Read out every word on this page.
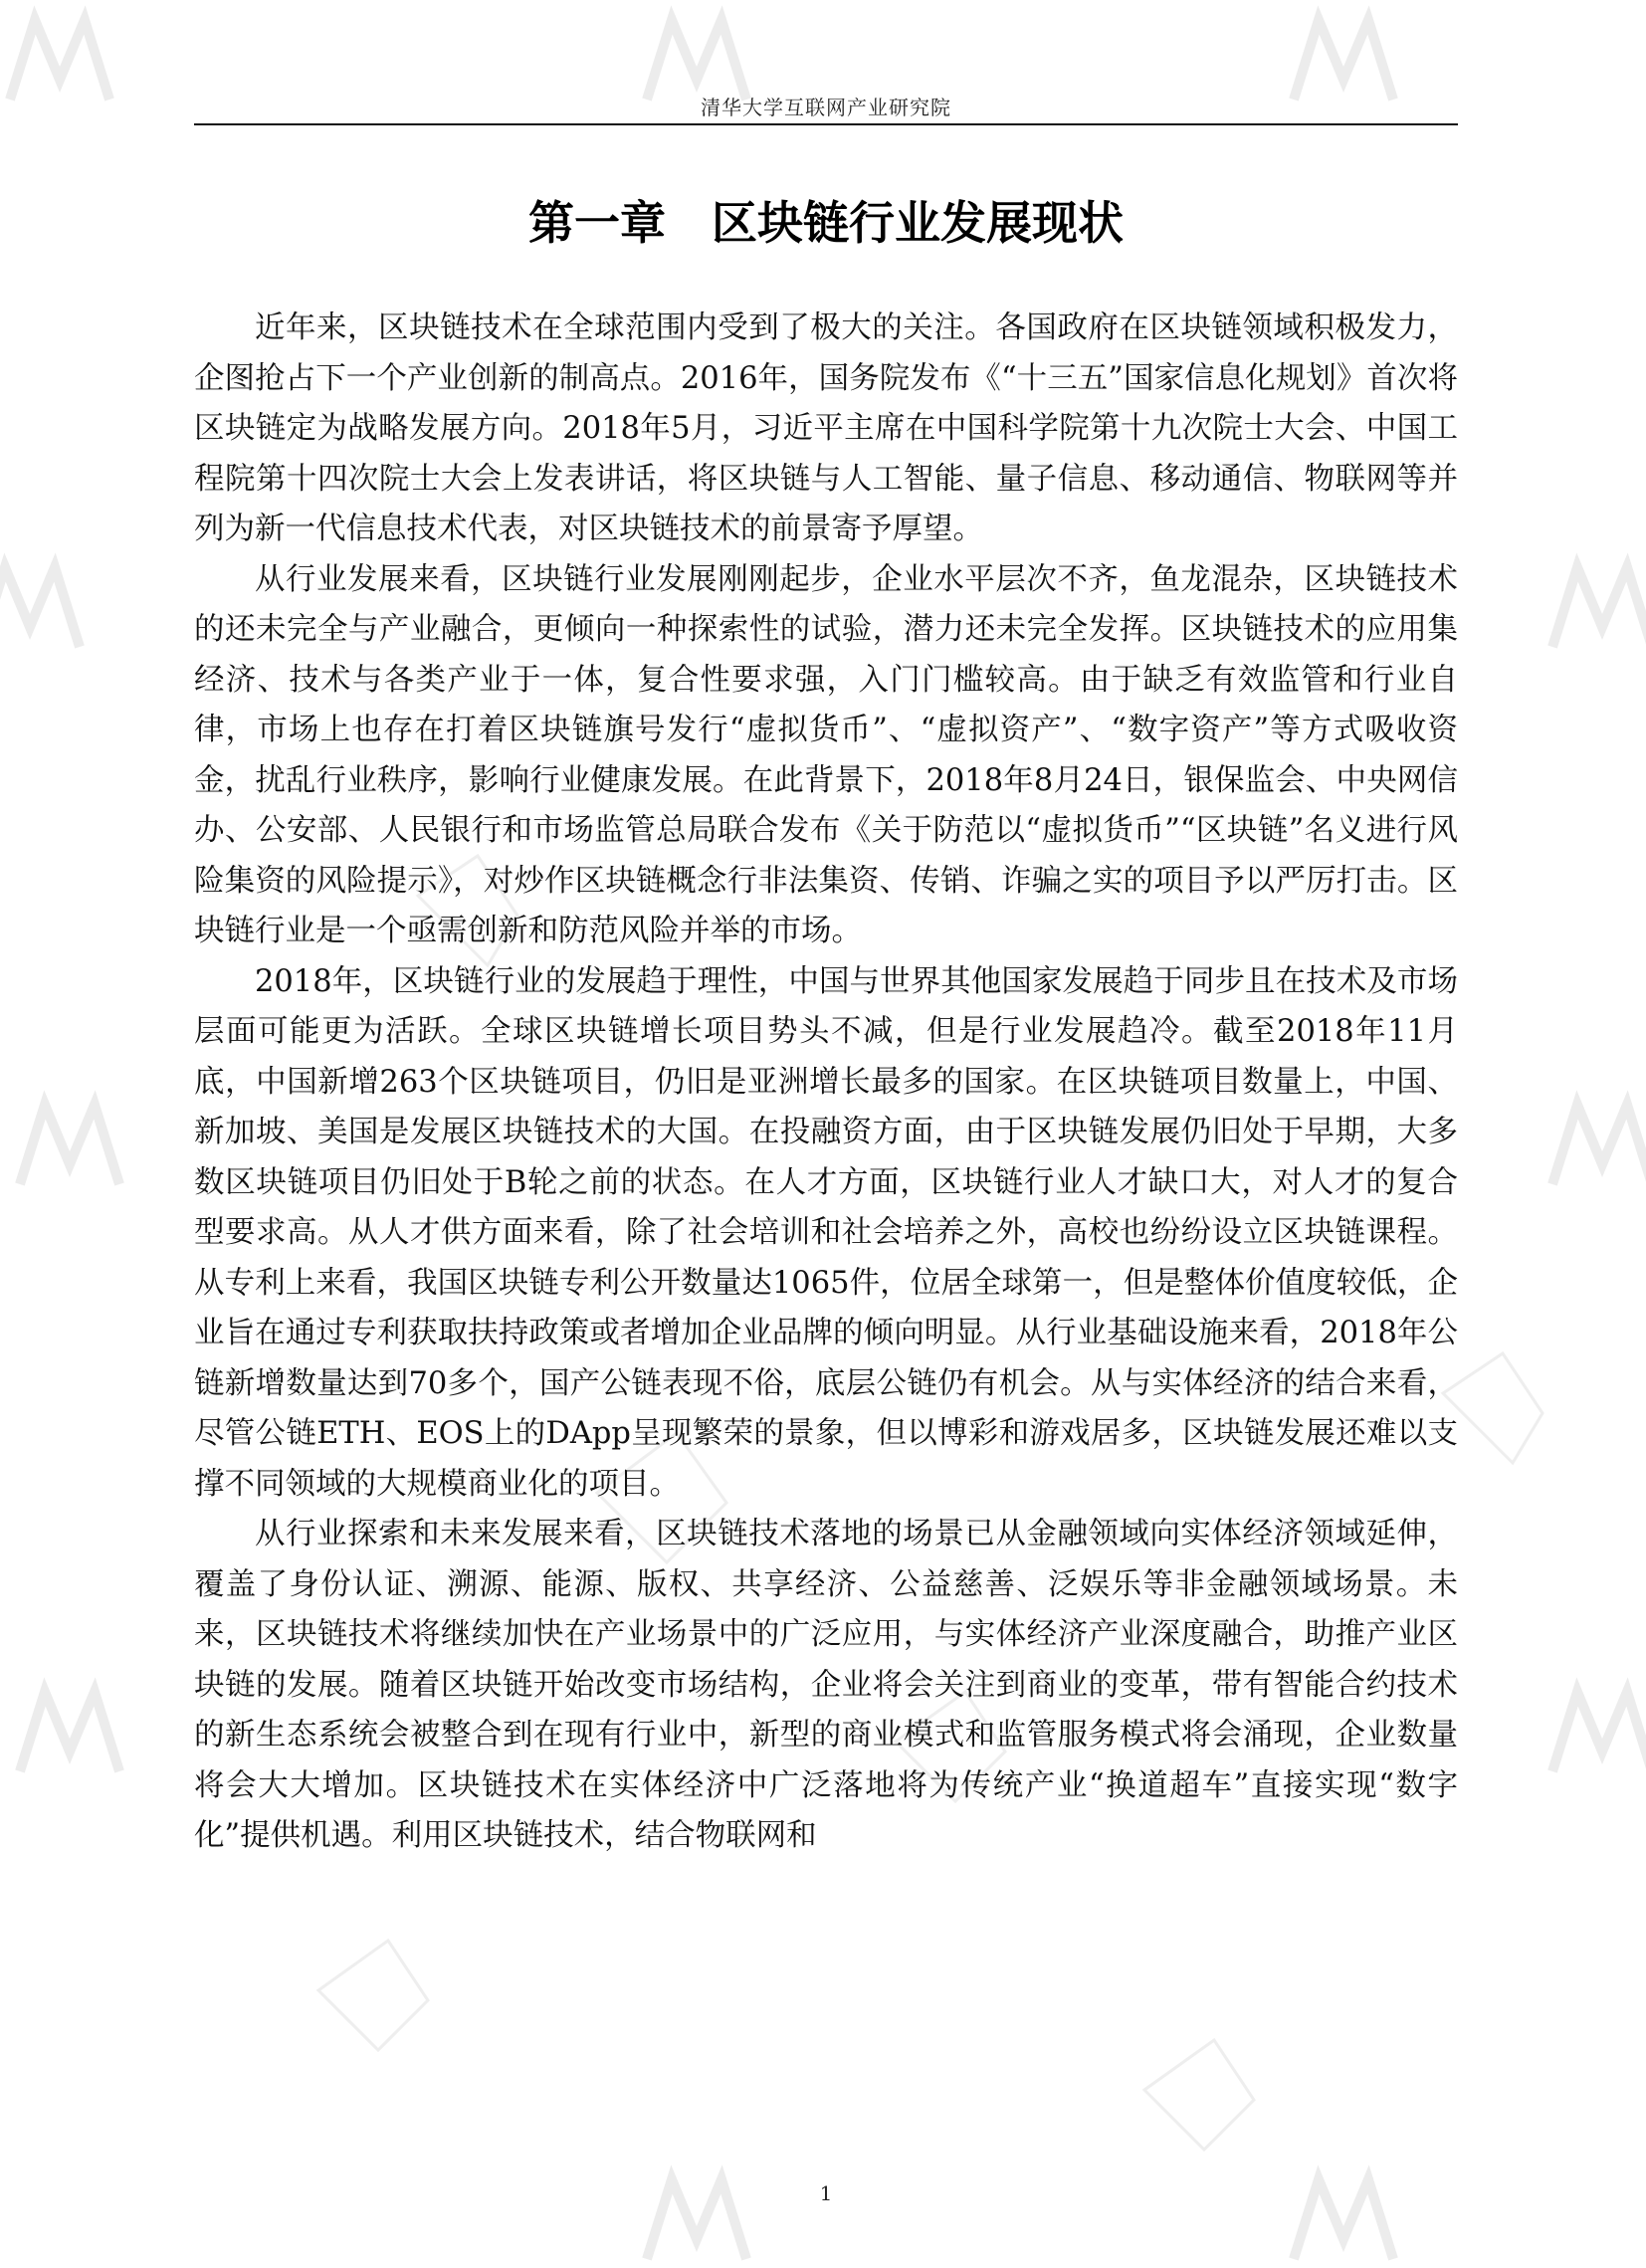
清华大学互联网产业研究院
第一章　区块链行业发展现状

近年来，区块链技术在全球范围内受到了极大的关注。各国政府在区块链领域积极发力，企图抢占下一个产业创新的制高点。2016年，国务院发布《“十三五”国家信息化规划》首次将区块链定为战略发展方向。2018年5月，习近平主席在中国科学院第十九次院士大会、中国工程院第十四次院士大会上发表讲话，将区块链与人工智能、量子信息、移动通信、物联网等并列为新一代信息技术代表，对区块链技术的前景寄予厚望。

从行业发展来看，区块链行业发展刚刚起步，企业水平层次不齐，鱼龙混杂，区块链技术的还未完全与产业融合，更倾向一种探索性的试验，潜力还未完全发挥。区块链技术的应用集经济、技术与各类产业于一体，复合性要求强，入门门槛较高。由于缺乏有效监管和行业自律，市场上也存在打着区块链旗号发行“虚拟货币”、“虚拟资产”、“数字资产”等方式吸收资金，扰乱行业秩序，影响行业健康发展。在此背景下，2018年8月24日，银保监会、中央网信办、公安部、人民银行和市场监管总局联合发布《关于防范以“虚拟货币”“区块链”名义进行风险集资的风险提示》，对炒作区块链概念行非法集资、传销、诈骗之实的项目予以严厉打击。区块链行业是一个亟需创新和防范风险并举的市场。

2018年，区块链行业的发展趋于理性，中国与世界其他国家发展趋于同步且在技术及市场层面可能更为活跃。全球区块链增长项目势头不减，但是行业发展趋冷。截至2018年11月底，中国新增263个区块链项目，仍旧是亚洲增长最多的国家。在区块链项目数量上，中国、新加坡、美国是发展区块链技术的大国。在投融资方面，由于区块链发展仍旧处于早期，大多数区块链项目仍旧处于B轮之前的状态。在人才方面，区块链行业人才缺口大，对人才的复合型要求高。从人才供方面来看，除了社会培训和社会培养之外，高校也纷纷设立区块链课程。从专利上来看，我国区块链专利公开数量达1065件，位居全球第一，但是整体价值度较低，企业旨在通过专利获取扶持政策或者增加企业品牌的倾向明显。从行业基础设施来看，2018年公链新增数量达到70多个，国产公链表现不俗，底层公链仍有机会。从与实体经济的结合来看，尽管公链ETH、EOS上的DApp呈现繁荣的景象，但以博彩和游戏居多，区块链发展还难以支撑不同领域的大规模商业化的项目。

从行业探索和未来发展来看，区块链技术落地的场景已从金融领域向实体经济领域延伸，覆盖了身份认证、溯源、能源、版权、共享经济、公益慈善、泛娱乐等非金融领域场景。未来，区块链技术将继续加快在产业场景中的广泛应用，与实体经济产业深度融合，助推产业区块链的发展。随着区块链开始改变市场结构，企业将会关注到商业的变革，带有智能合约技术的新生态系统会被整合到在现有行业中，新型的商业模式和监管服务模式将会涌现，企业数量将会大大增加。区块链技术在实体经济中广泛落地将为传统产业“换道超车”直接实现“数字化”提供机遇。利用区块链技术，结合物联网和

1
